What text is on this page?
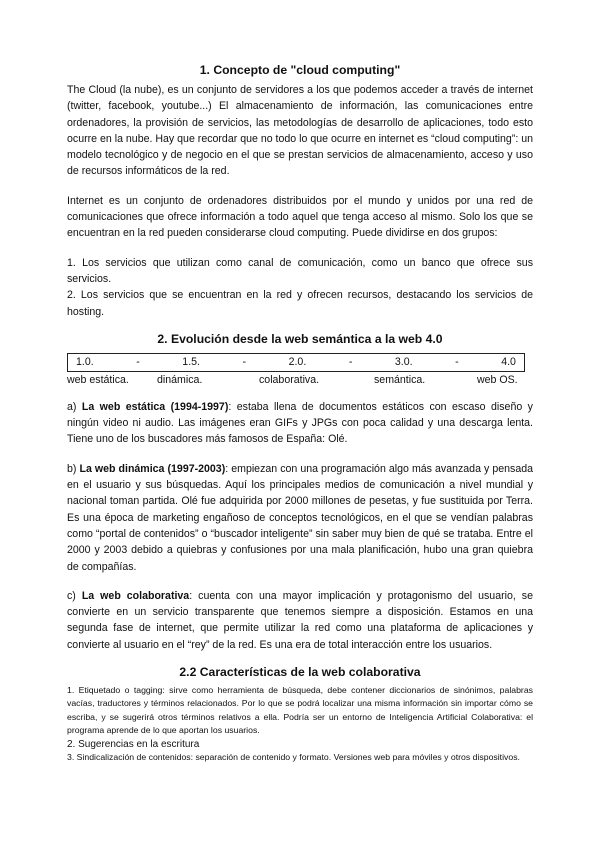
1. Concepto de "cloud computing"

The Cloud (la nube), es un conjunto de servidores a los que podemos acceder a través de internet (twitter, facebook, youtube...) El almacenamiento de información, las comunicaciones entre ordenadores, la provisión de servicios, las metodologías de desarrollo de aplicaciones, todo esto ocurre en la nube. Hay que recordar que no todo lo que ocurre en internet es “cloud computing”: un modelo tecnológico y de negocio en el que se prestan servicios de almacenamiento, acceso y uso de recursos informáticos de la red.

Internet es un conjunto de ordenadores distribuidos por el mundo y unidos por una red de comunicaciones que ofrece información a todo aquel que tenga acceso al mismo. Solo los que se encuentran en la red pueden considerarse cloud computing. Puede dividirse en dos grupos:

1. Los servicios que utilizan como canal de comunicación, como un banco que ofrece sus servicios.

2. Los servicios que se encuentran en la red y ofrecen recursos, destacando los servicios de hosting.

2. Evolución desde la web semántica a la web 4.0
1.0.	-	1.5.	-	2.0.	-	3.0.	-	4.0
web estática.	dinámica.	colaborativa.	semántica.	web OS.

a) La web estática (1994-1997): estaba llena de documentos estáticos con escaso diseño y ningún video ni audio. Las imágenes eran GIFs y JPGs con poca calidad y una descarga lenta. Tiene uno de los buscadores más famosos de España: Olé.

b) La web dinámica (1997-2003): empiezan con una programación algo más avanzada y pensada en el usuario y sus búsquedas. Aquí los principales medios de comunicación a nivel mundial y nacional toman partida. Olé fue adquirida por 2000 millones de pesetas, y fue sustituida por Terra. Es una época de marketing engañoso de conceptos tecnológicos, en el que se vendían palabras como “portal de contenidos” o “buscador inteligente” sin saber muy bien de qué se trataba. Entre el 2000 y 2003 debido a quiebras y confusiones por una mala planificación, hubo una gran quiebra de compañías.

c) La web colaborativa: cuenta con una mayor implicación y protagonismo del usuario, se convierte en un servicio transparente que tenemos siempre a disposición. Estamos en una segunda fase de internet, que permite utilizar la red como una plataforma de aplicaciones y convierte al usuario en el “rey” de la red. Es una era de total interacción entre los usuarios.

2.2 Características de la web colaborativa

1. Etiquetado o tagging: sirve como herramienta de búsqueda, debe contener diccionarios de sinónimos, palabras vacías, traductores y términos relacionados. Por lo que se podrá localizar una misma información sin importar cómo se escriba, y se sugerirá otros términos relativos a ella. Podría ser un entorno de Inteligencia Artificial Colaborativa: el programa aprende de lo que aportan los usuarios.

2. Sugerencias en la escritura

3. Sindicalización de contenidos: separación de contenido y formato. Versiones web para móviles y otros dispositivos.
